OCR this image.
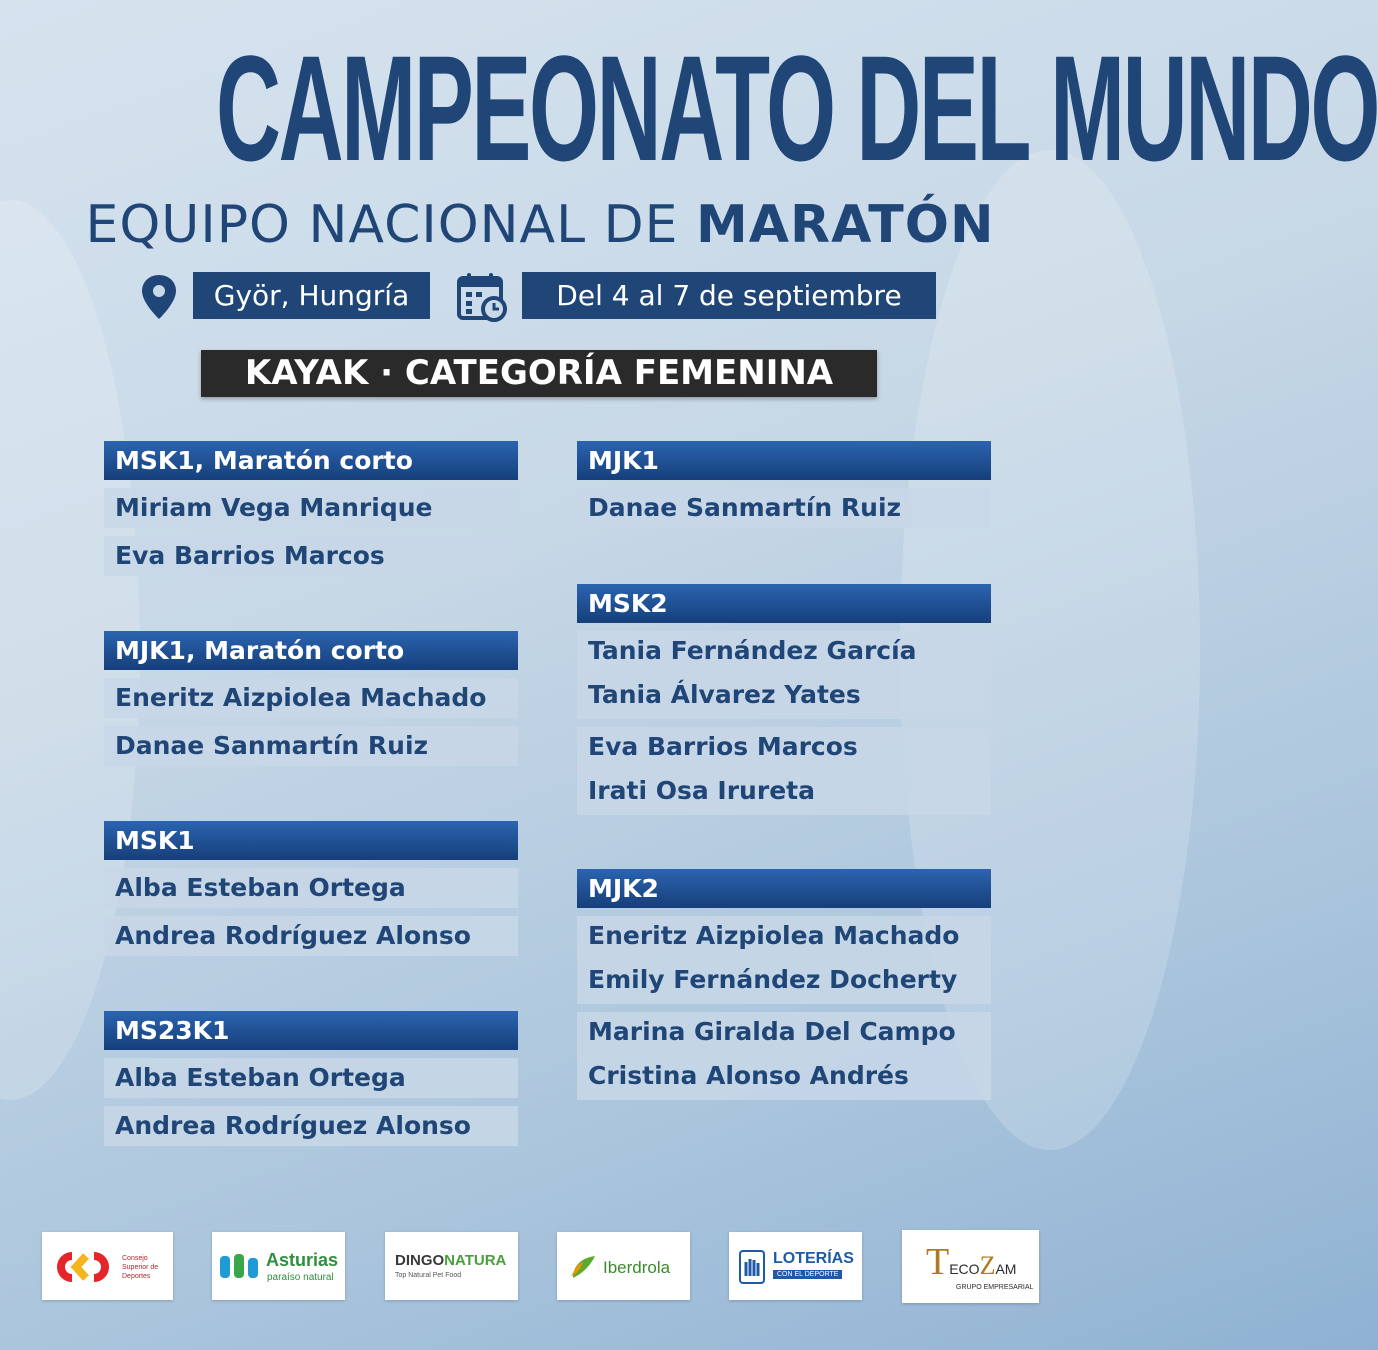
CAMPEONATO DEL MUNDO
EQUIPO NACIONAL DE MARATÓN
Györ, Hungría	Del 4 al 7 de septiembre
KAYAK · CATEGORÍA FEMENINA
MSK1, Maratón corto
Miriam Vega Manrique
Eva Barrios Marcos
MJK1, Maratón corto
Eneritz Aizpiolea Machado
Danae Sanmartín Ruiz
MSK1
Alba Esteban Ortega
Andrea Rodríguez Alonso
MS23K1
Alba Esteban Ortega
Andrea Rodríguez Alonso
MJK1
Danae Sanmartín Ruiz
MSK2
Tania Fernández García
Tania Álvarez Yates
Eva Barrios Marcos
Irati Osa Irureta
MJK2
Eneritz Aizpiolea Machado
Emily Fernández Docherty
Marina Giralda Del Campo
Cristina Alonso Andrés
Consejo Superior de Deportes
Asturias
paraíso natural
DINGONATURA
Top Natural Pet Food	Iberdrola	LOTERÍAS
CON EL DEPORTE TECOZAM
GRUPO EMPRESARIAL
